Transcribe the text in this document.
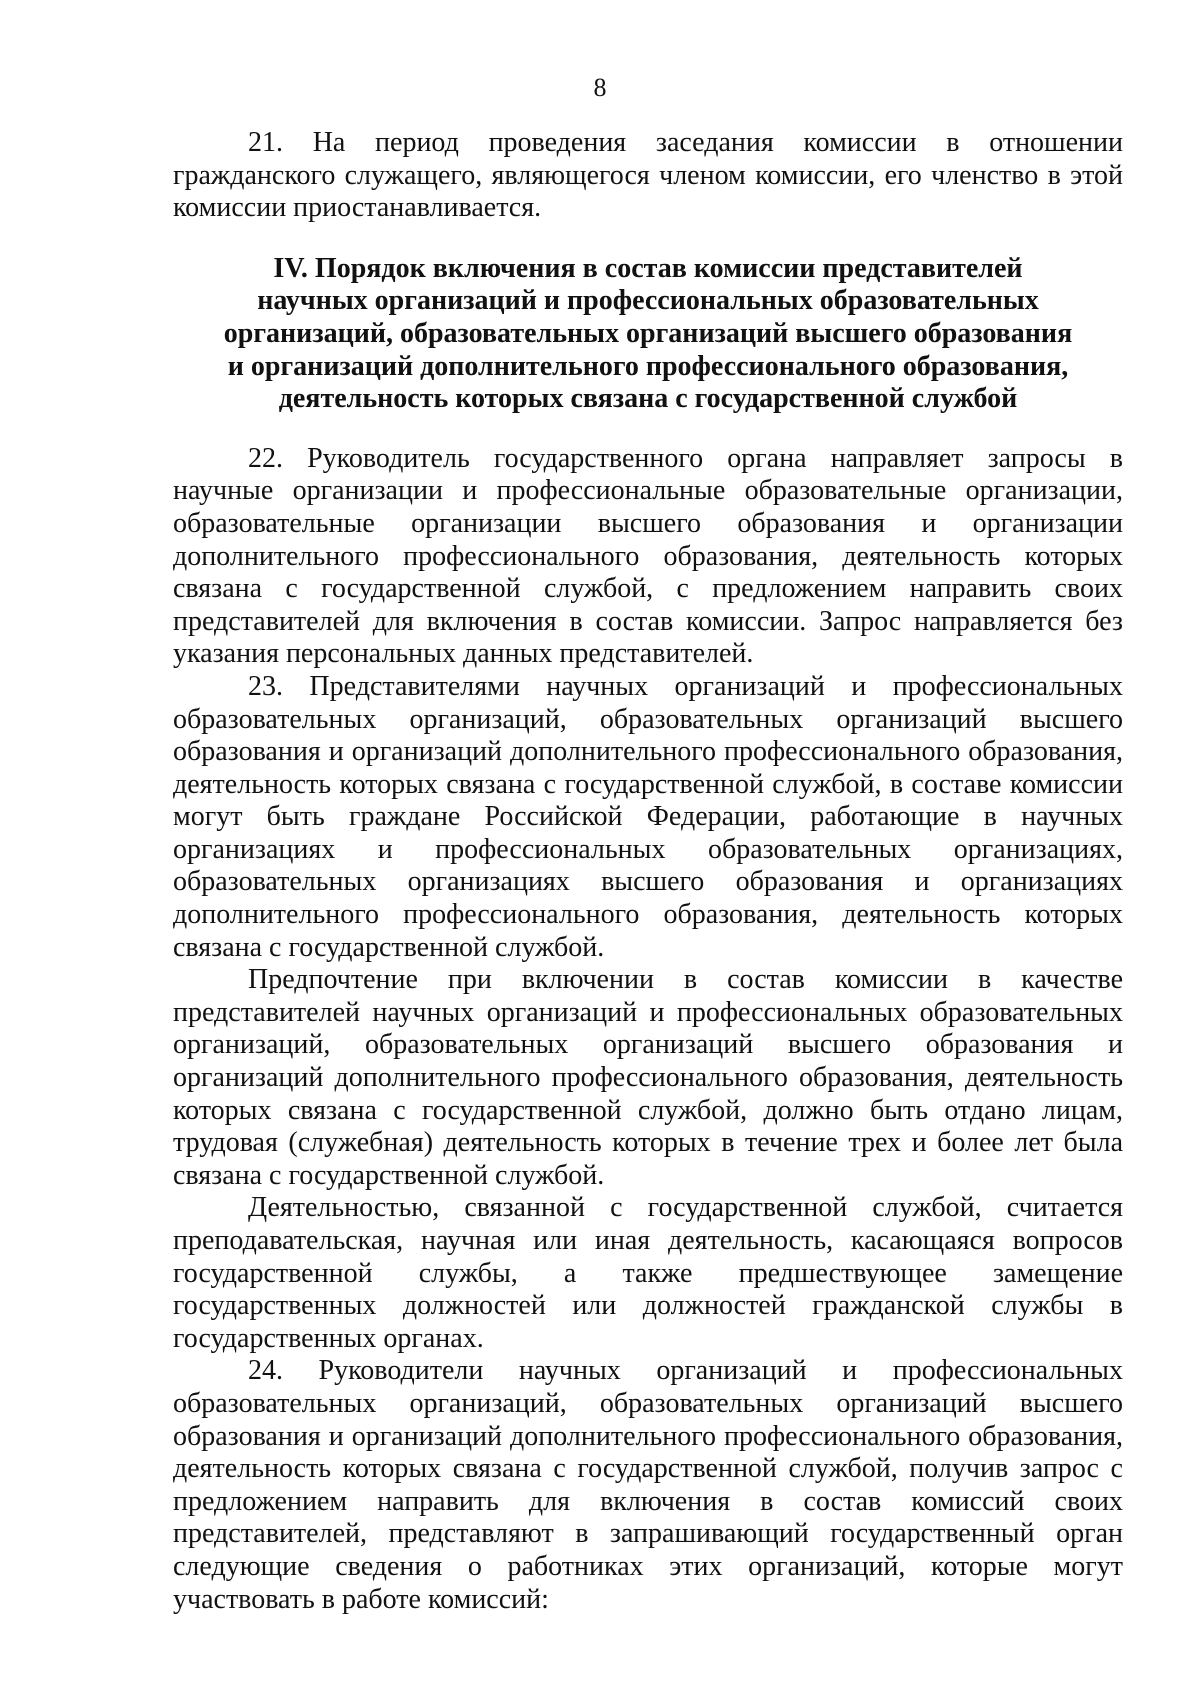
8

21. На период проведения заседания комиссии в отношении гражданского служащего, являющегося членом комиссии, его членство в этой комиссии приостанавливается.

IV. Порядок включения в состав комиссии представителей
научных организаций и профессиональных образовательных
организаций, образовательных организаций высшего образования
и организаций дополнительного профессионального образования,
деятельность которых связана с государственной службой

22. Руководитель государственного органа направляет запросы в научные организации и профессиональные образовательные организации, образовательные организации высшего образования и организации дополнительного профессионального образования, деятельность которых связана с государственной службой, с предложением направить своих представителей для включения в состав комиссии. Запрос направляется без указания персональных данных представителей.

23. Представителями научных организаций и профессиональных образовательных организаций, образовательных организаций высшего образования и организаций дополнительного профессионального образования, деятельность которых связана с государственной службой, в составе комиссии могут быть граждане Российской Федерации, работающие в научных организациях и профессиональных образовательных организациях, образовательных организациях высшего образования и организациях дополнительного профессионального образования, деятельность которых связана с государственной службой.

Предпочтение при включении в состав комиссии в качестве представителей научных организаций и профессиональных образовательных организаций, образовательных организаций высшего образования и организаций дополнительного профессионального образования, деятельность которых связана с государственной службой, должно быть отдано лицам, трудовая (служебная) деятельность которых в течение трех и более лет была связана с государственной службой.

Деятельностью, связанной с государственной службой, считается преподавательская, научная или иная деятельность, касающаяся вопросов государственной службы, а также предшествующее замещение государственных должностей или должностей гражданской службы в государственных органах.

24. Руководители научных организаций и профессиональных образовательных организаций, образовательных организаций высшего образования и организаций дополнительного профессионального образования, деятельность которых связана с государственной службой, получив запрос с предложением направить для включения в состав комиссий своих представителей, представляют в запрашивающий государственный орган следующие сведения о работниках этих организаций, которые могут участвовать в работе комиссий:
